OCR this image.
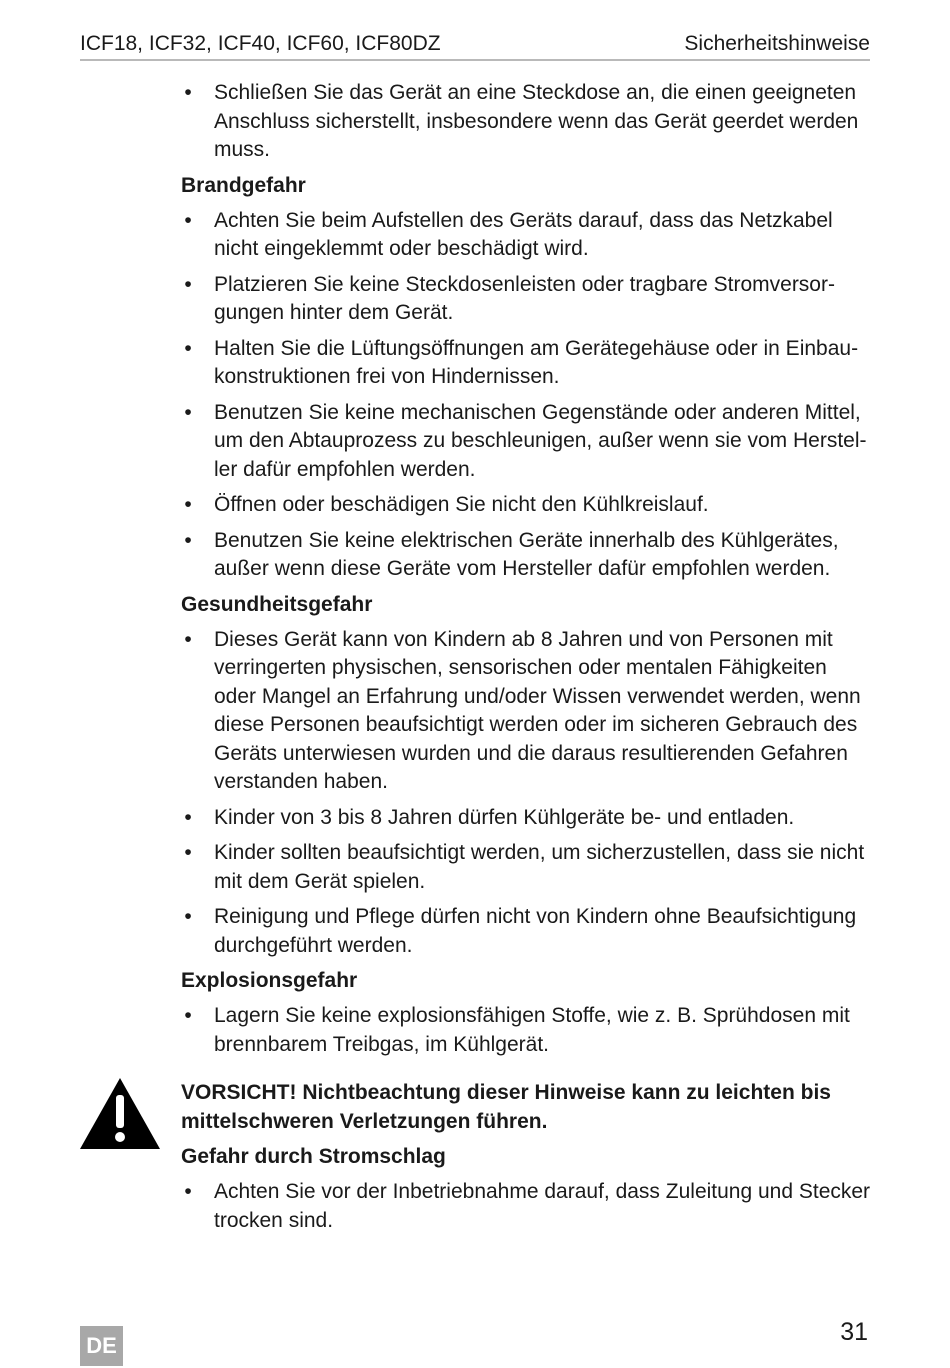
ICF18, ICF32, ICF40, ICF60, ICF80DZ	Sicherheitshinweise
• Schließen Sie das Gerät an eine Steckdose an, die einen geeigneten Anschluss sicherstellt, insbesondere wenn das Gerät geerdet werden muss.
Brandgefahr
• Achten Sie beim Aufstellen des Geräts darauf, dass das Netzkabel nicht eingeklemmt oder beschädigt wird.
• Platzieren Sie keine Steckdosenleisten oder tragbare Stromversorgungen hinter dem Gerät.
• Halten Sie die Lüftungsöffnungen am Gerätegehäuse oder in Einbaukonstruktionen frei von Hindernissen.
• Benutzen Sie keine mechanischen Gegenstände oder anderen Mittel, um den Abtauprozess zu beschleunigen, außer wenn sie vom Hersteller dafür empfohlen werden.
• Öffnen oder beschädigen Sie nicht den Kühlkreislauf.
• Benutzen Sie keine elektrischen Geräte innerhalb des Kühlgerätes, außer wenn diese Geräte vom Hersteller dafür empfohlen werden.
Gesundheitsgefahr
• Dieses Gerät kann von Kindern ab 8 Jahren und von Personen mit verringerten physischen, sensorischen oder mentalen Fähigkeiten oder Mangel an Erfahrung und/oder Wissen verwendet werden, wenn diese Personen beaufsichtigt werden oder im sicheren Gebrauch des Geräts unterwiesen wurden und die daraus resultierenden Gefahren verstanden haben.
• Kinder von 3 bis 8 Jahren dürfen Kühlgeräte be- und entladen.
• Kinder sollten beaufsichtigt werden, um sicherzustellen, dass sie nicht mit dem Gerät spielen.
• Reinigung und Pflege dürfen nicht von Kindern ohne Beaufsichtigung durchgeführt werden.
Explosionsgefahr
• Lagern Sie keine explosionsfähigen Stoffe, wie z. B. Sprühdosen mit brennbarem Treibgas, im Kühlgerät.
VORSICHT! Nichtbeachtung dieser Hinweise kann zu leichten bis mittelschweren Verletzungen führen.
Gefahr durch Stromschlag
• Achten Sie vor der Inbetriebnahme darauf, dass Zuleitung und Stecker trocken sind.
DE	31
